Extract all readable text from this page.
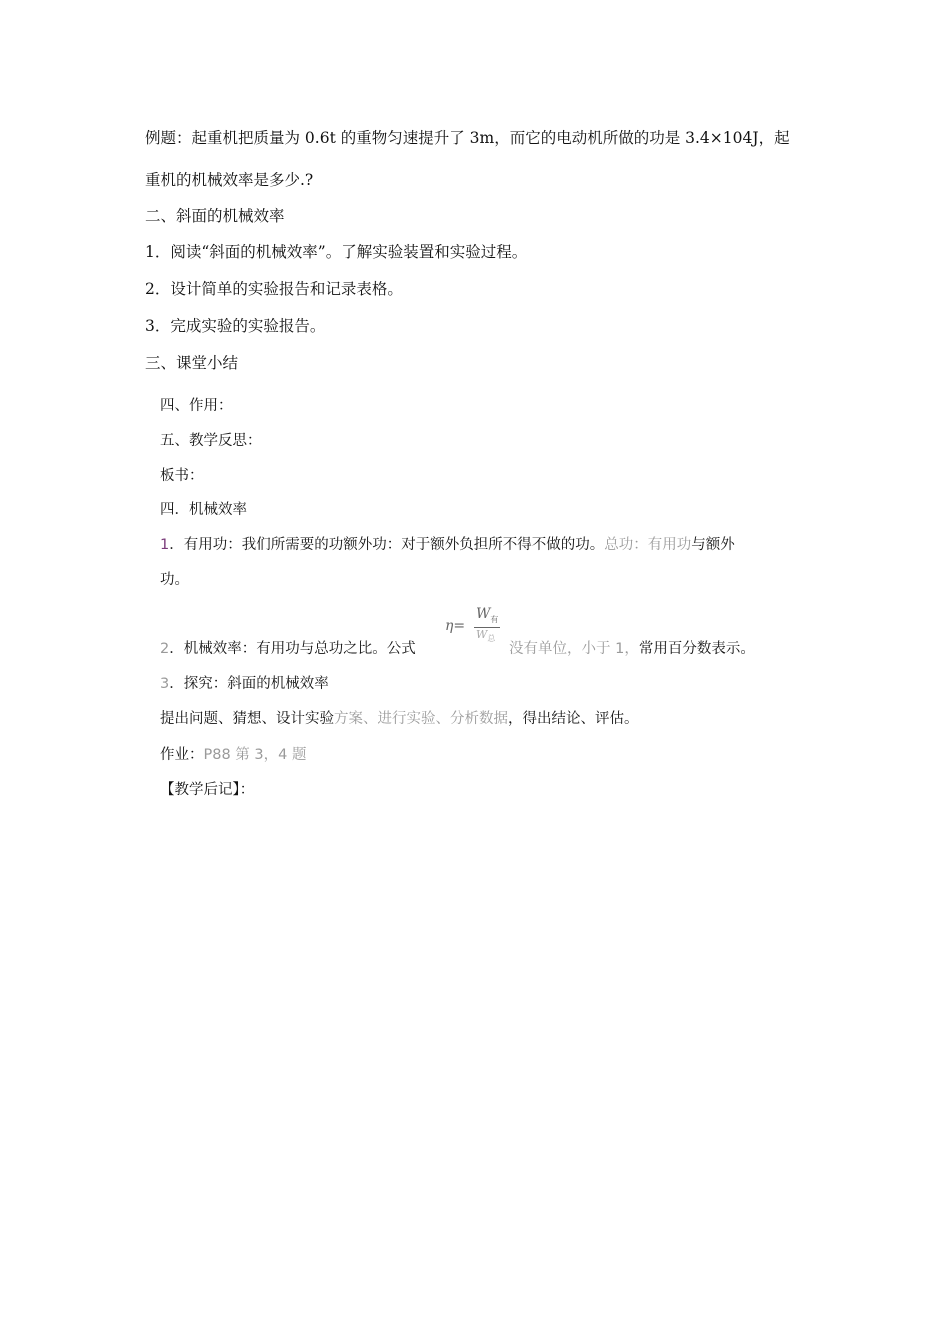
例题：起重机把质量为 0.6t 的重物匀速提升了 3m，而它的电动机所做的功是 3.4×104J，起
重机的机械效率是多少.?
二、斜面的机械效率
1．阅读“斜面的机械效率”。了解实验装置和实验过程。
2．设计简单的实验报告和记录表格。
3．完成实验的实验报告。
三、课堂小结
四、作用：
五、教学反思：
板书：
四．机械效率
1．有用功：我们所需要的功额外功：对于额外负担所不得不做的功。总功：有用功与额外
功。
2．机械效率：有用功与总功之比。公式
η=
$W_有$
$W_总$
没有单位，小于 1，常用百分数表示。
3．探究：斜面的机械效率
提出问题、猜想、设计实验方案、进行实验、分析数据，得出结论、评估。
作业：P88 第 3，4 题
【教学后记】：
